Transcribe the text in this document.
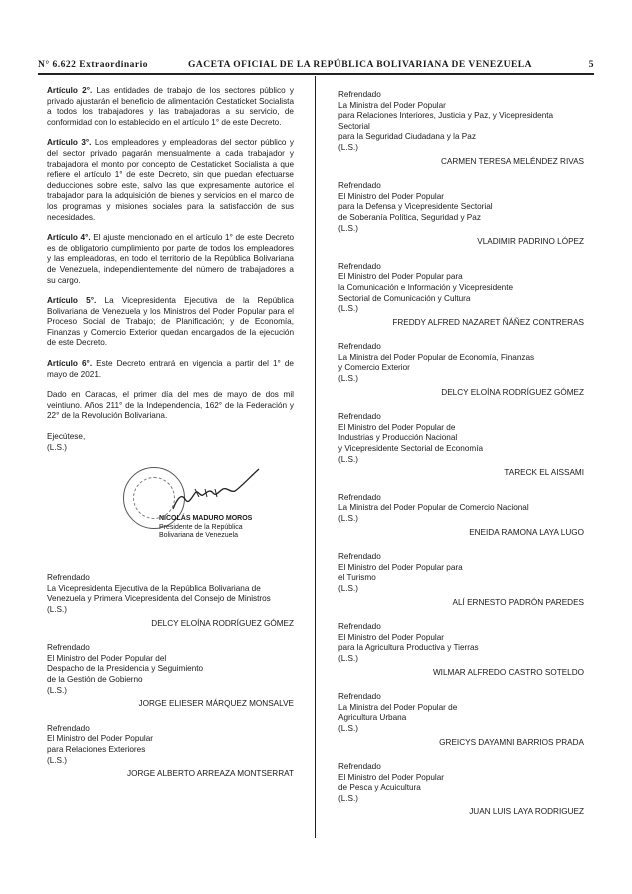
N° 6.622 Extraordinario	GACETA OFICIAL DE LA REPÚBLICA BOLIVARIANA DE VENEZUELA	5

Artículo 2°. Las entidades de trabajo de los sectores público y privado ajustarán el beneficio de alimentación Cestaticket Socialista a todos los trabajadores y las trabajadoras a su servicio, de conformidad con lo establecido en el artículo 1° de este Decreto.

Artículo 3°. Los empleadores y empleadoras del sector público y del sector privado pagarán mensualmente a cada trabajador y trabajadora el monto por concepto de Cestaticket Socialista a que refiere el artículo 1° de este Decreto, sin que puedan efectuarse deducciones sobre este, salvo las que expresamente autorice el trabajador para la adquisición de bienes y servicios en el marco de los programas y misiones sociales para la satisfacción de sus necesidades.

Artículo 4°. El ajuste mencionado en el artículo 1° de este Decreto es de obligatorio cumplimiento por parte de todos los empleadores y las empleadoras, en todo el territorio de la República Bolivariana de Venezuela, independientemente del número de trabajadores a su cargo.

Artículo 5°. La Vicepresidenta Ejecutiva de la República Bolivariana de Venezuela y los Ministros del Poder Popular para el Proceso Social de Trabajo; de Planificación; y de Economía, Finanzas y Comercio Exterior quedan encargados de la ejecución de este Decreto.

Artículo 6°. Este Decreto entrará en vigencia a partir del 1° de mayo de 2021.

Dado en Caracas, el primer día del mes de mayo de dos mil veintiuno. Años 211° de la Independencia, 162° de la Federación y 22° de la Revolución Bolivariana.

Ejecútese,

(L.S.)

NICOLÁS MADURO MOROS
Presidente de la República
Bolivariana de Venezuela
Refrendado
La Vicepresidenta Ejecutiva de la República Bolivariana de
Venezuela y Primera Vicepresidenta del Consejo de Ministros
(L.S.)
DELCY ELOÍNA RODRÍGUEZ GÓMEZ
Refrendado
El Ministro del Poder Popular del
Despacho de la Presidencia y Seguimiento
de la Gestión de Gobierno
(L.S.)
JORGE ELIESER MÁRQUEZ MONSALVE
Refrendado
El Ministro del Poder Popular
para Relaciones Exteriores
(L.S.)
JORGE ALBERTO ARREAZA MONTSERRAT
Refrendado
La Ministra del Poder Popular
para Relaciones Interiores, Justicia y Paz, y Vicepresidenta Sectorial
para la Seguridad Ciudadana y la Paz
(L.S.)
CARMEN TERESA MELÉNDEZ RIVAS
Refrendado
El Ministro del Poder Popular
para la Defensa y Vicepresidente Sectorial
de Soberanía Política, Seguridad y Paz
(L.S.)
VLADIMIR PADRINO LÓPEZ
Refrendado
El Ministro del Poder Popular para
la Comunicación e Información y Vicepresidente
Sectorial de Comunicación y Cultura
(L.S.)
FREDDY ALFRED NAZARET ÑÁÑEZ CONTRERAS
Refrendado
La Ministra del Poder Popular de Economía, Finanzas
y Comercio Exterior
(L.S.)
DELCY ELOÍNA RODRÍGUEZ GÓMEZ
Refrendado
El Ministro del Poder Popular de
Industrias y Producción Nacional
y Vicepresidente Sectorial de Economía
(L.S.)
TARECK EL AISSAMI
Refrendado
La Ministra del Poder Popular de Comercio Nacional
(L.S.)
ENEIDA RAMONA LAYA LUGO
Refrendado
El Ministro del Poder Popular para
el Turismo
(L.S.)
ALÍ ERNESTO PADRÓN PAREDES
Refrendado
El Ministro del Poder Popular
para la Agricultura Productiva y Tierras
(L.S.)
WILMAR ALFREDO CASTRO SOTELDO
Refrendado
La Ministra del Poder Popular de
Agricultura Urbana
(L.S.)
GREICYS DAYAMNI BARRIOS PRADA
Refrendado
El Ministro del Poder Popular
de Pesca y Acuicultura
(L.S.)
JUAN LUIS LAYA RODRIGUEZ
